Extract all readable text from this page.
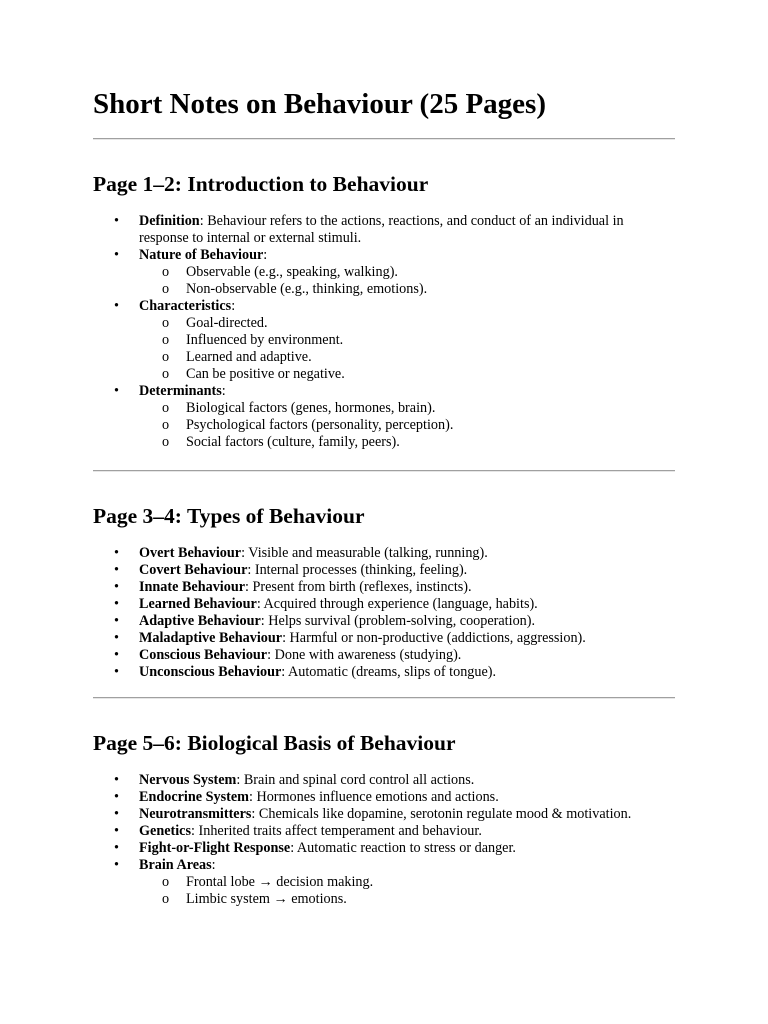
Short Notes on Behaviour (25 Pages)
Page 1–2: Introduction to Behaviour
• Definition: Behaviour refers to the actions, reactions, and conduct of an individual in response to internal or external stimuli.
• Nature of Behaviour:
o Observable (e.g., speaking, walking).
o Non-observable (e.g., thinking, emotions).
• Characteristics:
o Goal-directed.
o Influenced by environment.
o Learned and adaptive.
o Can be positive or negative.
• Determinants:
o Biological factors (genes, hormones, brain).
o Psychological factors (personality, perception).
o Social factors (culture, family, peers).
Page 3–4: Types of Behaviour
• Overt Behaviour: Visible and measurable (talking, running).
• Covert Behaviour: Internal processes (thinking, feeling).
• Innate Behaviour: Present from birth (reflexes, instincts).
• Learned Behaviour: Acquired through experience (language, habits).
• Adaptive Behaviour: Helps survival (problem-solving, cooperation).
• Maladaptive Behaviour: Harmful or non-productive (addictions, aggression).
• Conscious Behaviour: Done with awareness (studying).
• Unconscious Behaviour: Automatic (dreams, slips of tongue).
Page 5–6: Biological Basis of Behaviour
• Nervous System: Brain and spinal cord control all actions.
• Endocrine System: Hormones influence emotions and actions.
• Neurotransmitters: Chemicals like dopamine, serotonin regulate mood & motivation.
• Genetics: Inherited traits affect temperament and behaviour.
• Fight-or-Flight Response: Automatic reaction to stress or danger.
• Brain Areas:
o Frontal lobe → decision making.
o Limbic system → emotions.
